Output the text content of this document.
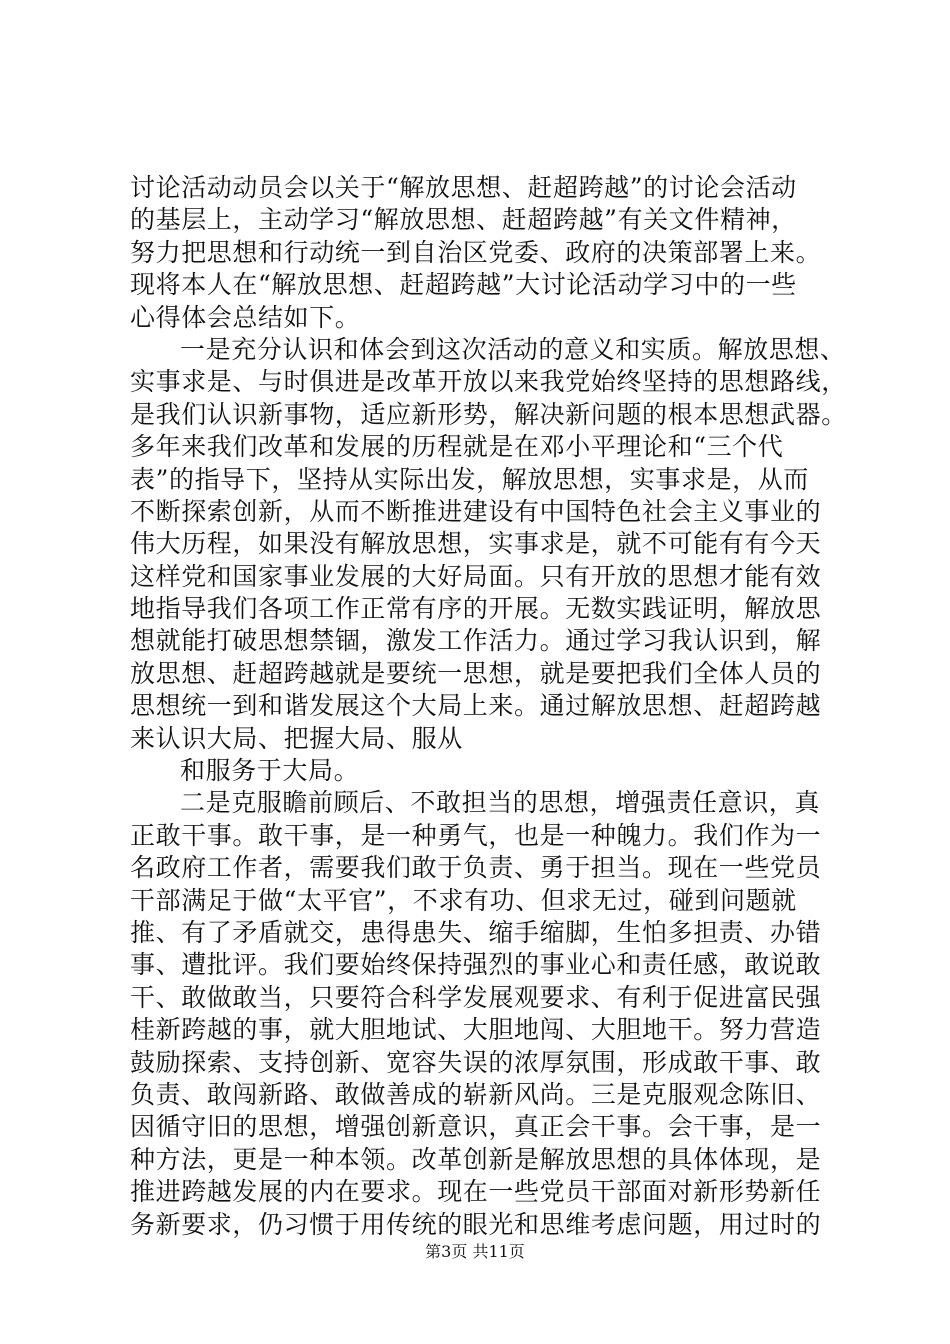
讨论活动动员会以关于“解放思想、赶超跨越”的讨论会活动
的基层上，主动学习“解放思想、赶超跨越”有关文件精神，
努力把思想和行动统一到自治区党委、政府的决策部署上来。
现将本人在“解放思想、赶超跨越”大讨论活动学习中的一些
心得体会总结如下。
一是充分认识和体会到这次活动的意义和实质。解放思想、
实事求是、与时俱进是改革开放以来我党始终坚持的思想路线，
是我们认识新事物，适应新形势，解决新问题的根本思想武器。
多年来我们改革和发展的历程就是在邓小平理论和“三个代
表”的指导下，坚持从实际出发，解放思想，实事求是，从而
不断探索创新，从而不断推进建设有中国特色社会主义事业的
伟大历程，如果没有解放思想，实事求是，就不可能有有今天
这样党和国家事业发展的大好局面。只有开放的思想才能有效
地指导我们各项工作正常有序的开展。无数实践证明，解放思
想就能打破思想禁锢，激发工作活力。通过学习我认识到，解
放思想、赶超跨越就是要统一思想，就是要把我们全体人员的
思想统一到和谐发展这个大局上来。通过解放思想、赶超跨越
来认识大局、把握大局、服从
和服务于大局。
二是克服瞻前顾后、不敢担当的思想，增强责任意识，真
正敢干事。敢干事，是一种勇气，也是一种魄力。我们作为一
名政府工作者，需要我们敢于负责、勇于担当。现在一些党员
干部满足于做“太平官”，不求有功、但求无过，碰到问题就
推、有了矛盾就交，患得患失、缩手缩脚，生怕多担责、办错
事、遭批评。我们要始终保持强烈的事业心和责任感，敢说敢
干、敢做敢当，只要符合科学发展观要求、有利于促进富民强
桂新跨越的事，就大胆地试、大胆地闯、大胆地干。努力营造
鼓励探索、支持创新、宽容失误的浓厚氛围，形成敢干事、敢
负责、敢闯新路、敢做善成的崭新风尚。三是克服观念陈旧、
因循守旧的思想，增强创新意识，真正会干事。会干事，是一
种方法，更是一种本领。改革创新是解放思想的具体体现，是
推进跨越发展的内在要求。现在一些党员干部面对新形势新任
务新要求，仍习惯于用传统的眼光和思维考虑问题，用过时的
第3页 共11页
